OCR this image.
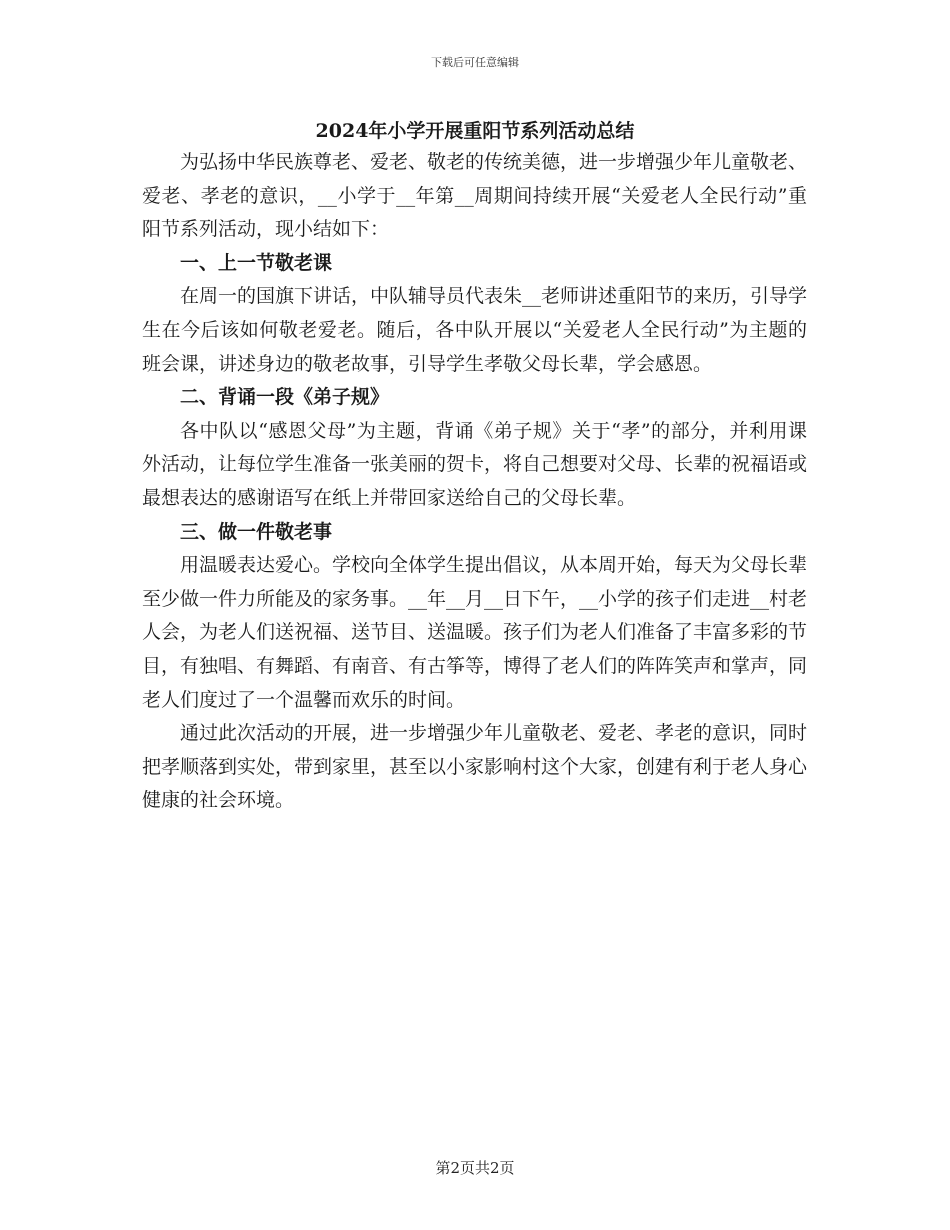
下载后可任意编辑
2024年小学开展重阳节系列活动总结

为弘扬中华民族尊老、爱老、敬老的传统美德，进一步增强少年儿童敬老、爱老、孝老的意识，__小学于__年第__周期间持续开展“关爱老人全民行动”重阳节系列活动，现小结如下：

一、上一节敬老课

在周一的国旗下讲话，中队辅导员代表朱__老师讲述重阳节的来历，引导学生在今后该如何敬老爱老。随后，各中队开展以“关爱老人全民行动”为主题的班会课，讲述身边的敬老故事，引导学生孝敬父母长辈，学会感恩。

二、背诵一段《弟子规》

各中队以“感恩父母”为主题，背诵《弟子规》关于“孝”的部分，并利用课外活动，让每位学生准备一张美丽的贺卡，将自己想要对父母、长辈的祝福语或最想表达的感谢语写在纸上并带回家送给自己的父母长辈。

三、做一件敬老事

用温暖表达爱心。学校向全体学生提出倡议，从本周开始，每天为父母长辈至少做一件力所能及的家务事。__年__月__日下午，__小学的孩子们走进__村老人会，为老人们送祝福、送节目、送温暖。孩子们为老人们准备了丰富多彩的节目，有独唱、有舞蹈、有南音、有古筝等，博得了老人们的阵阵笑声和掌声，同老人们度过了一个温馨而欢乐的时间。

通过此次活动的开展，进一步增强少年儿童敬老、爱老、孝老的意识，同时把孝顺落到实处，带到家里，甚至以小家影响村这个大家，创建有利于老人身心健康的社会环境。

第2页共2页
